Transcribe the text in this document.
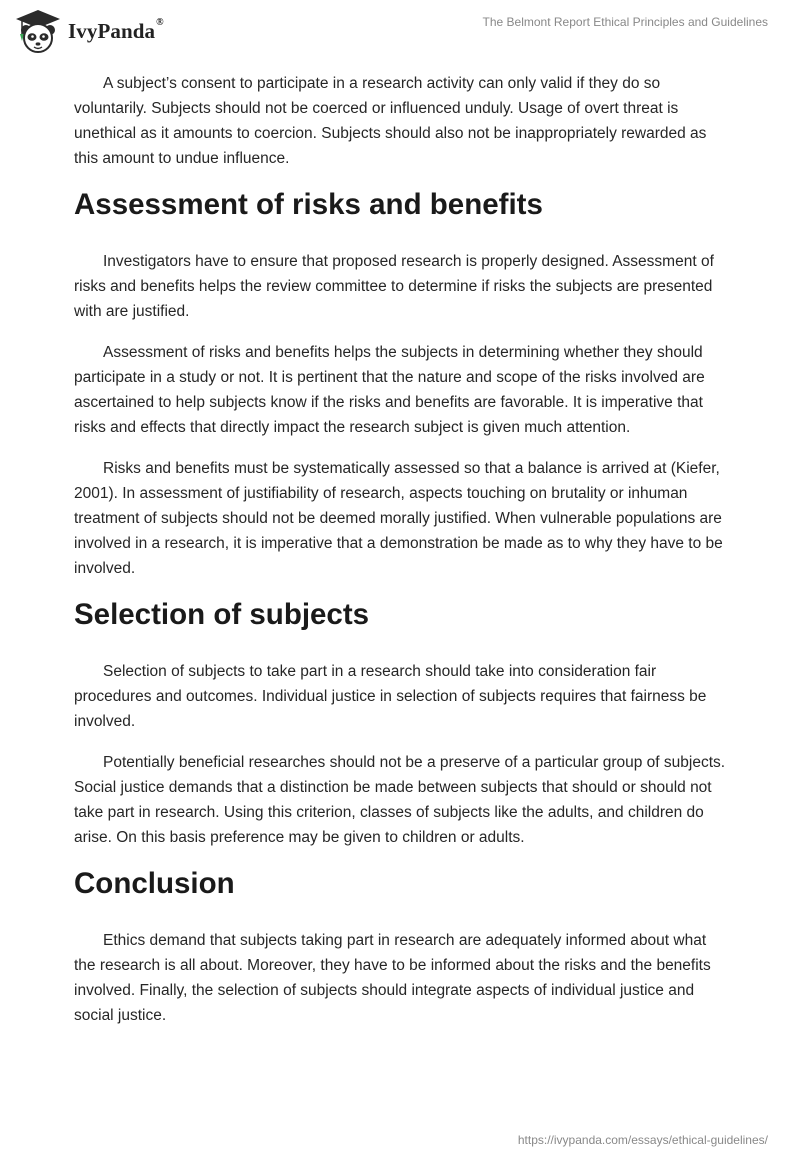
IvyPanda®	The Belmont Report Ethical Principles and Guidelines

A subject’s consent to participate in a research activity can only valid if they do so voluntarily. Subjects should not be coerced or influenced unduly. Usage of overt threat is unethical as it amounts to coercion. Subjects should also not be inappropriately rewarded as this amount to undue influence.

Assessment of risks and benefits

Investigators have to ensure that proposed research is properly designed. Assessment of risks and benefits helps the review committee to determine if risks the subjects are presented with are justified.

Assessment of risks and benefits helps the subjects in determining whether they should participate in a study or not. It is pertinent that the nature and scope of the risks involved are ascertained to help subjects know if the risks and benefits are favorable. It is imperative that risks and effects that directly impact the research subject is given much attention.

Risks and benefits must be systematically assessed so that a balance is arrived at (Kiefer, 2001). In assessment of justifiability of research, aspects touching on brutality or inhuman treatment of subjects should not be deemed morally justified. When vulnerable populations are involved in a research, it is imperative that a demonstration be made as to why they have to be involved.

Selection of subjects

Selection of subjects to take part in a research should take into consideration fair procedures and outcomes. Individual justice in selection of subjects requires that fairness be involved.

Potentially beneficial researches should not be a preserve of a particular group of subjects. Social justice demands that a distinction be made between subjects that should or should not take part in research. Using this criterion, classes of subjects like the adults, and children do arise. On this basis preference may be given to children or adults.

Conclusion

Ethics demand that subjects taking part in research are adequately informed about what the research is all about. Moreover, they have to be informed about the risks and the benefits involved. Finally, the selection of subjects should integrate aspects of individual justice and social justice.

https://ivypanda.com/essays/ethical-guidelines/
